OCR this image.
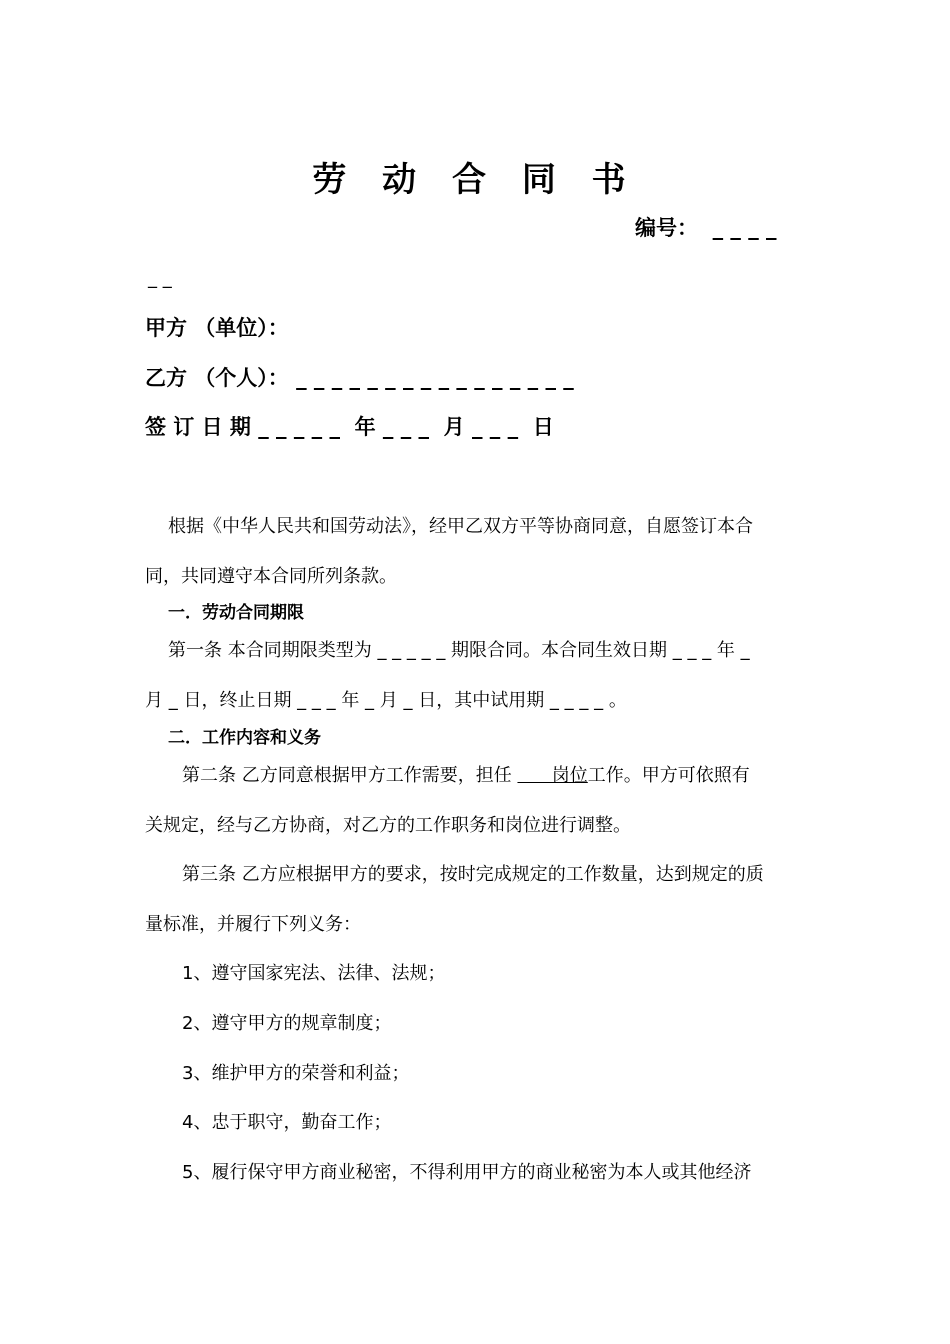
劳 动 合 同 书
编号：  _ _ _ _
_ _
甲方 （单位）：
乙方 （个人）： _ _ _ _ _ _ _ _ _ _ _ _ _ _ _ _
签 订 日 期 _ _ _ _ _  年 _ _ _  月 _ _ _  日
根据《中华人民共和国劳动法》，经甲乙双方平等协商同意，自愿签订本合
同，共同遵守本合同所列条款。
一．劳动合同期限
第一条 本合同期限类型为 _ _ _ _ _ 期限合同。本合同生效日期 _ _ _ 年 _
月 _ 日，终止日期 _ _ _ 年 _ 月 _ 日，其中试用期 _ _ _ _ 。
二．工作内容和义务
第二条 乙方同意根据甲方工作需要，担任       岗位工作。甲方可依照有
关规定，经与乙方协商，对乙方的工作职务和岗位进行调整。
第三条 乙方应根据甲方的要求，按时完成规定的工作数量，达到规定的质
量标准，并履行下列义务：
1、遵守国家宪法、法律、法规；
2、遵守甲方的规章制度；
3、维护甲方的荣誉和利益；
4、忠于职守，勤奋工作；
5、履行保守甲方商业秘密，不得利用甲方的商业秘密为本人或其他经济
